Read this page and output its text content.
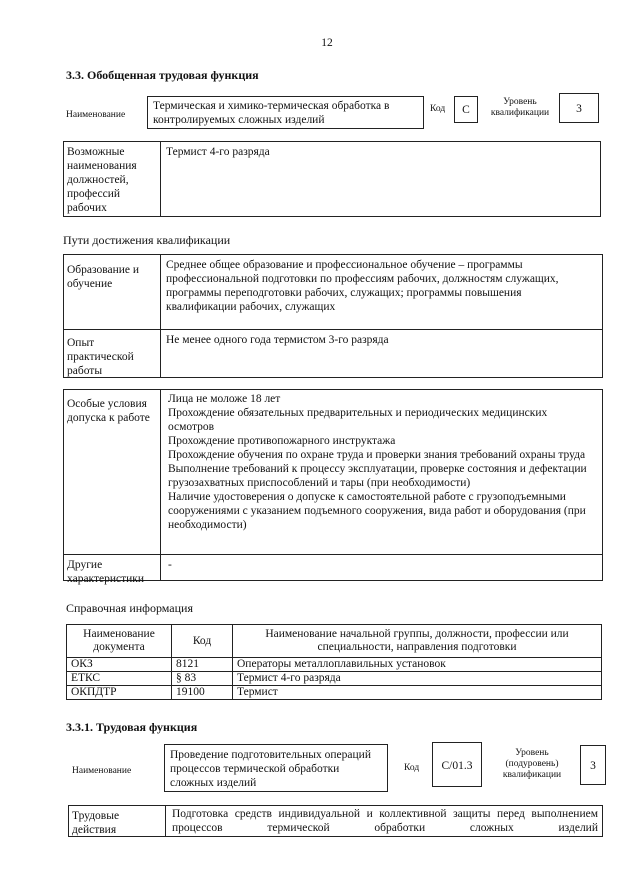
12
3.3. Обобщенная трудовая функция
Наименование
Термическая и химико-термическая обработка в контролируемых сложных изделий
Код	C
Уровень квалификации	3
Возможные наименования должностей, профессий рабочих
Термист 4-го разряда
Пути достижения квалификации
Образование и обучение
Среднее общее образование и профессиональное обучение – программы профессиональной подготовки по профессиям рабочих, должностям служащих, программы переподготовки рабочих, служащих; программы повышения квалификации рабочих, служащих
Опыт практической работы
Не менее одного года термистом 3-го разряда
Особые условия допуска к работе
Лица не моложе 18 лет
Прохождение обязательных предварительных и периодических медицинских осмотров
Прохождение противопожарного инструктажа
Прохождение обучения по охране труда и проверки знания требований охраны труда
Выполнение требований к процессу эксплуатации, проверке состояния и дефектации грузозахватных приспособлений и тары (при необходимости)
Наличие удостоверения о допуске к самостоятельной работе с грузоподъемными сооружениями с указанием подъемного сооружения, вида работ и оборудования (при необходимости)
Другие характеристики
-
Справочная информация
Наименование документа	Код	Наименование начальной группы, должности, профессии или специальности, направления подготовки
ОКЗ	8121	Операторы металлоплавильных установок
ЕТКС	§ 83	Термист 4-го разряда
ОКПДТР	19100	Термист
3.3.1. Трудовая функция
Наименование
Проведение подготовительных операций процессов термической обработки сложных изделий
Код	C/01.3
Уровень (подуровень) квалификации
3
Трудовые действия
Подготовка средств индивидуальной и коллективной защиты перед выполнением процессов термической обработки сложных изделий
